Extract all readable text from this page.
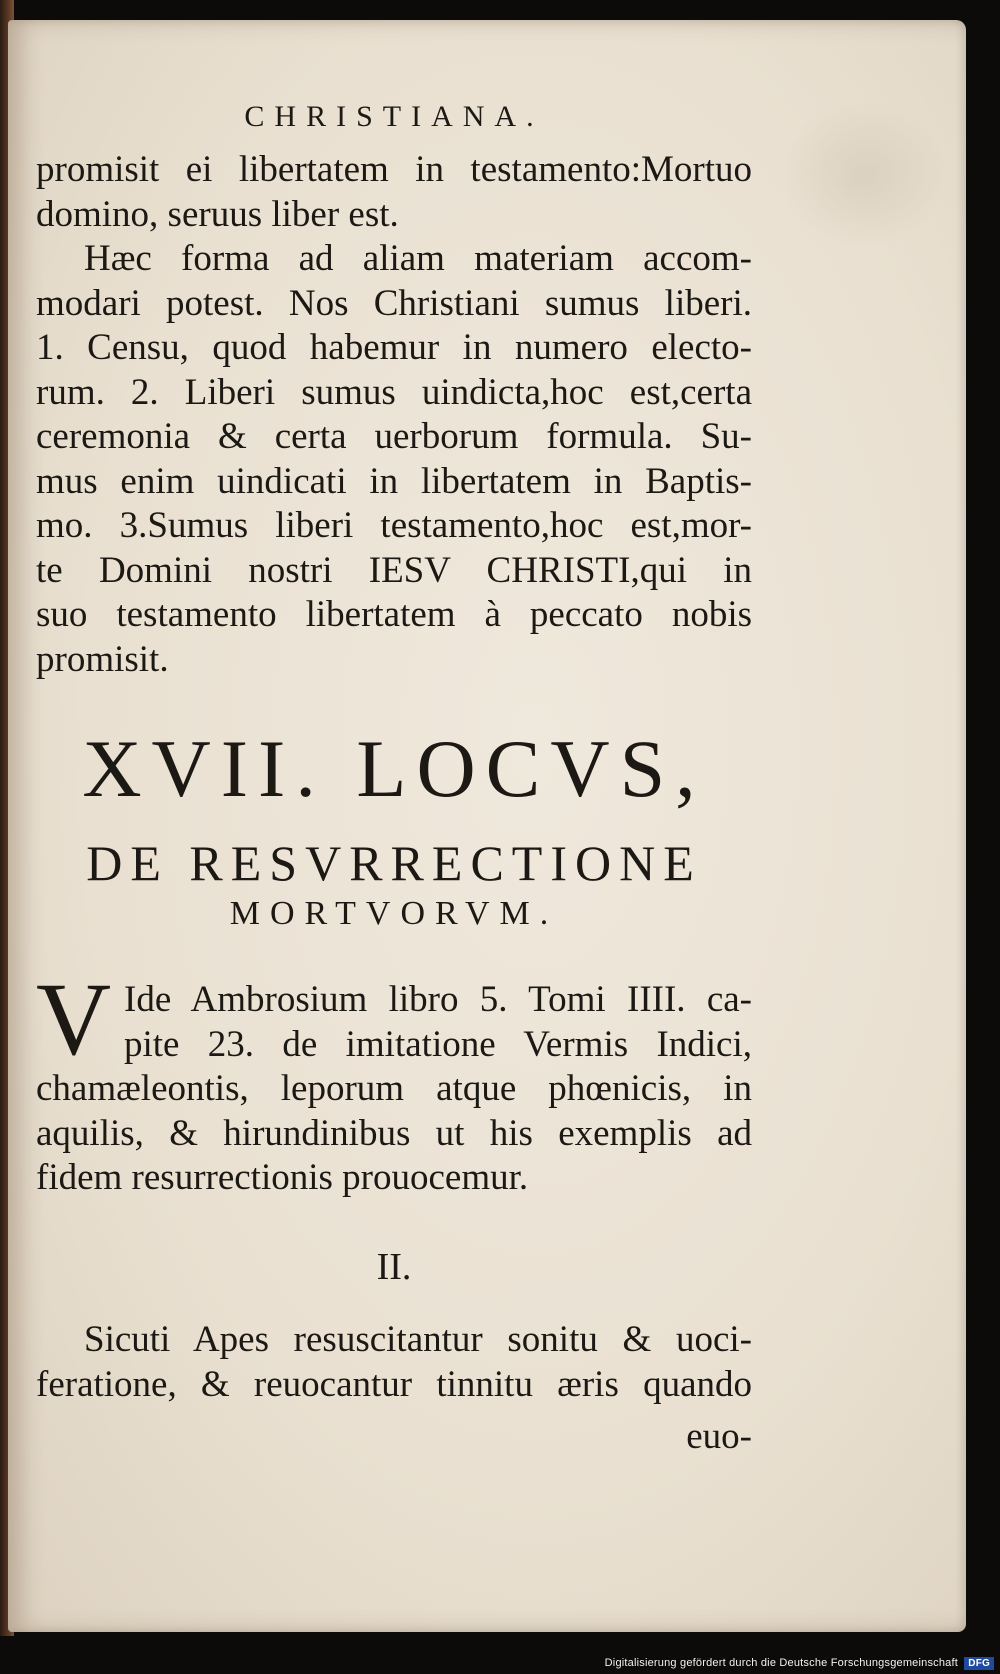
CHRISTIANA.
promisit ei libertatem in testamento:Mortuo
domino, seruus liber est.
Hæc forma ad aliam materiam accom-
modari potest. Nos Christiani sumus liberi.
1. Censu, quod habemur in numero electo-
rum. 2. Liberi sumus uindicta,hoc est,certa
ceremonia & certa uerborum formula. Su-
mus enim uindicati in libertatem in Baptis-
mo. 3.Sumus liberi testamento,hoc est,mor-
te Domini nostri IESV CHRISTI,qui in
suo testamento libertatem à peccato nobis
promisit.
XVII. LOCVS,
DE RESVRRECTIONE
MORTVORVM.
V Ide Ambrosium libro 5. Tomi IIII. ca-
pite 23. de imitatione Vermis Indici,
chamæleontis, leporum atque phœnicis, in
aquilis, & hirundinibus ut his exemplis ad
fidem resurrectionis prouocemur.
II.
Sicuti Apes resuscitantur sonitu & uoci-
feratione, & reuocantur tinnitu æris quando
euo-
Digitalisierung gefördert durch die Deutsche Forschungsgemeinschaft DFG
